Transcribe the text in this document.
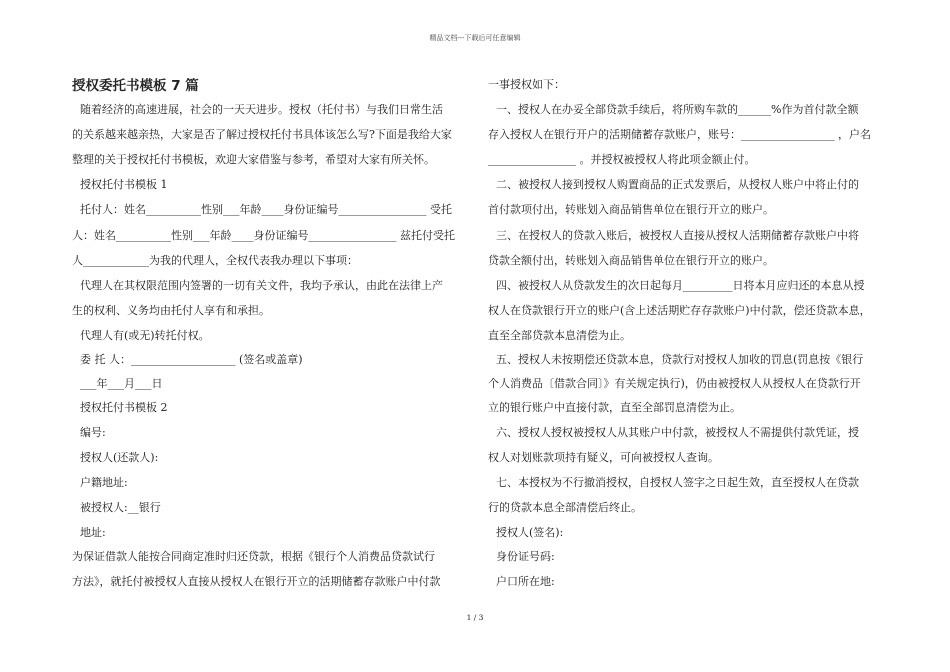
精品文档---下载后可任意编辑
授权委托书模板 7 篇
随着经济的高速进展，社会的一天天进步。授权（托付书）与我们日常生活
的关系越来越亲热，大家是否了解过授权托付书具体该怎么写?下面是我给大家
整理的关于授权托付书模板，欢迎大家借鉴与参考，希望对大家有所关怀。
授权托付书模板 1
托付人：姓名__________性别___年龄____身份证编号________________ 受托
人：姓名__________性别___年龄____身份证编号________________ 兹托付受托
人____________为我的代理人，全权代表我办理以下事项：
代理人在其权限范围内签署的一切有关文件，我均予承认，由此在法律上产
生的权利、义务均由托付人享有和承担。
代理人有(或无)转托付权。
委 托 人：___________________ (签名或盖章)
___年___月___日
授权托付书模板 2
编号:
授权人(还款人):
户籍地址:
被授权人:__银行
地址:
为保证借款人能按合同商定准时归还贷款，根据《银行个人消费品贷款试行
方法》，就托付被授权人直接从授权人在银行开立的活期储蓄存款账户中付款
一事授权如下：
一、授权人在办妥全部贷款手续后，将所购车款的______%作为首付款全额
存入授权人在银行开户的活期储蓄存款账户，账号：_________________ ，户名
________________ 。并授权被授权人将此项金额止付。
二、被授权人接到授权人购置商品的正式发票后，从授权人账户中将止付的
首付款项付出，转账划入商品销售单位在银行开立的账户。
三、在授权人的贷款入账后，被授权人直接从授权人活期储蓄存款账户中将
贷款全额付出，转账划入商品销售单位在银行开立的账户。
四、被授权人从贷款发生的次日起每月_________日将本月应归还的本息从授
权人在贷款银行开立的账户(含上述活期贮存存款账户)中付款，偿还贷款本息，
直至全部贷款本息清偿为止。
五、授权人未按期偿还贷款本息，贷款行对授权人加收的罚息(罚息按《银行
个人消费品〔借款合同〕》有关规定执行)，仍由被授权人从授权人在贷款行开
立的银行账户中直接付款，直至全部罚息清偿为止。
六、授权人授权被授权人从其账户中付款，被授权人不需提供付款凭证，授
权人对划账款项持有疑义，可向被授权人查询。
七、本授权为不行撤消授权，自授权人签字之日起生效，直至授权人在贷款
行的贷款本息全部清偿后终止。
授权人(签名):
身份证号码:
户口所在地:
1 / 3
